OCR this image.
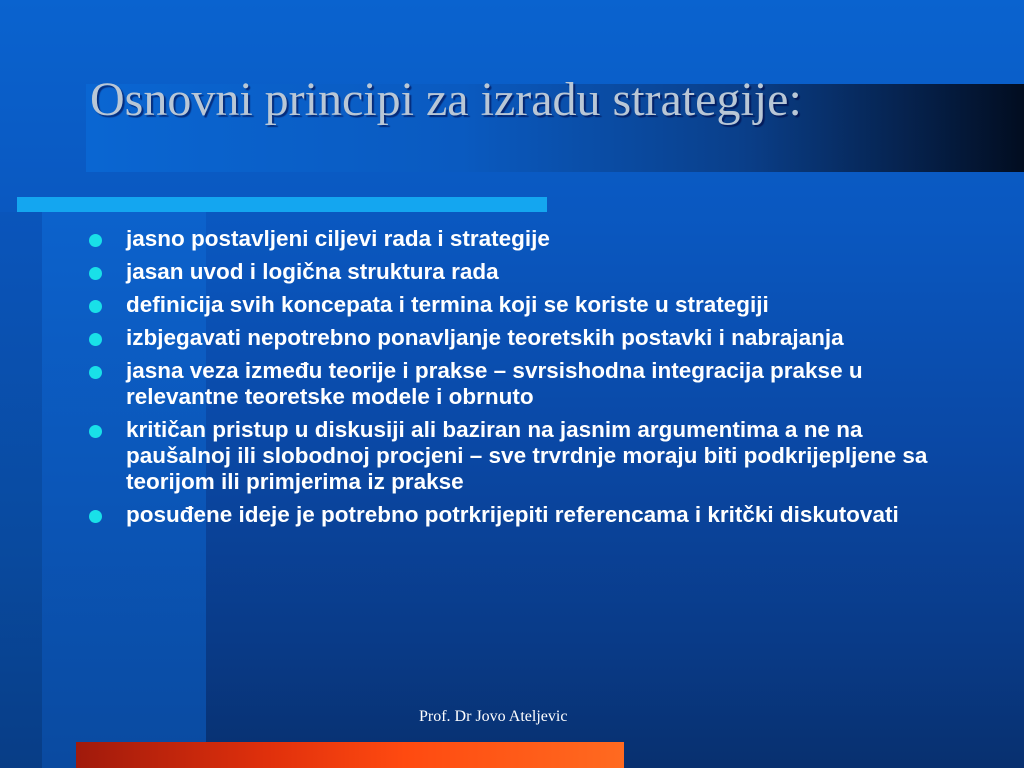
Osnovni principi za izradu strategije:
jasno postavljeni ciljevi rada i strategije
jasan uvod i logična struktura rada
definicija svih koncepata i termina koji se koriste u strategiji
izbjegavati nepotrebno ponavljanje teoretskih postavki i nabrajanja
jasna veza između teorije i prakse – svrsishodna integracija prakse u relevantne teoretske modele i obrnuto
kritičan pristup u diskusiji ali baziran na jasnim argumentima a ne na paušalnoj ili slobodnoj procjeni – sve trvrdnje moraju biti podkrijepljene sa teorijom ili primjerima iz prakse
posuđene ideje je potrebno potrkrijepiti referencama i kritčki diskutovati
Prof. Dr Jovo Ateljevic
